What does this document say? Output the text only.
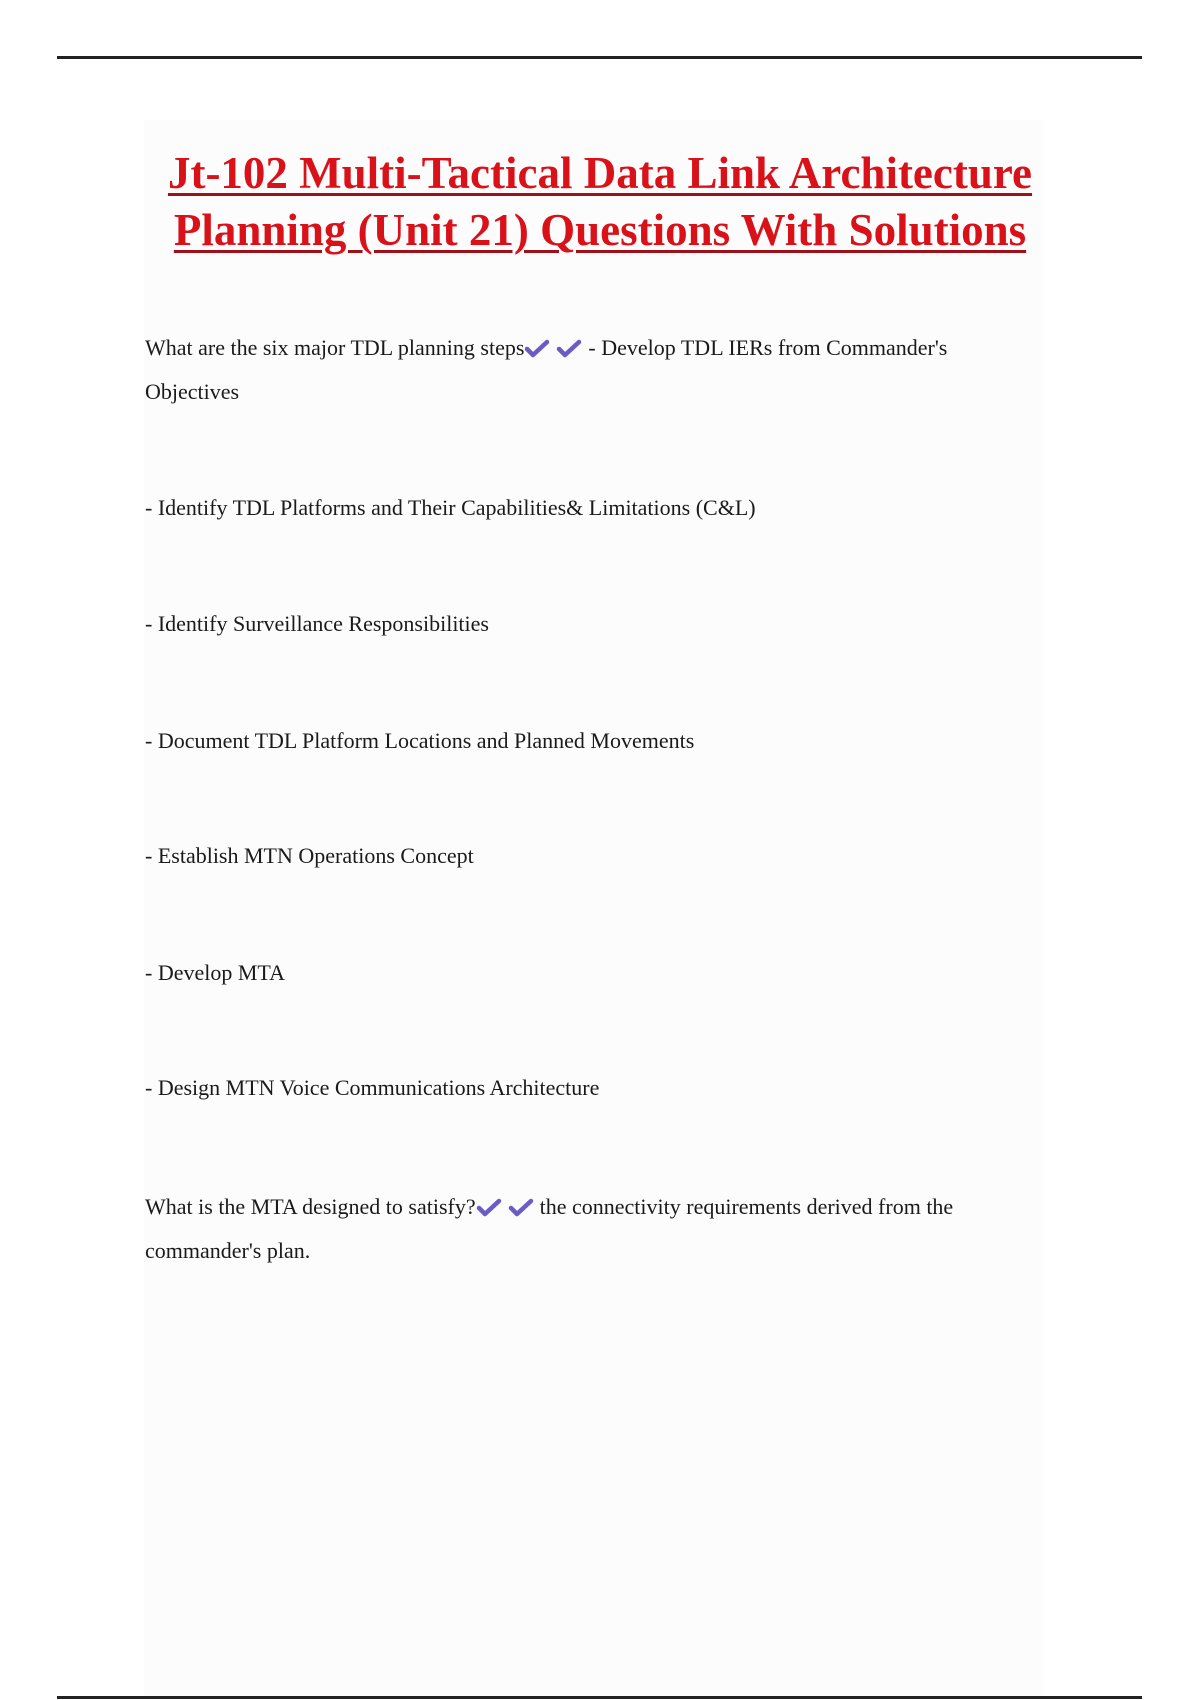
Jt-102 Multi-Tactical Data Link Architecture
Planning (Unit 21) Questions With Solutions

What are the six major TDL planning steps	- Develop TDL IERs from Commander's
Objectives

- Identify TDL Platforms and Their Capabilities& Limitations (C&L)

- Identify Surveillance Responsibilities

- Document TDL Platform Locations and Planned Movements

- Establish MTN Operations Concept

- Develop MTA

- Design MTN Voice Communications Architecture

What is the MTA designed to satisfy?	the connectivity requirements derived from the
commander's plan.
